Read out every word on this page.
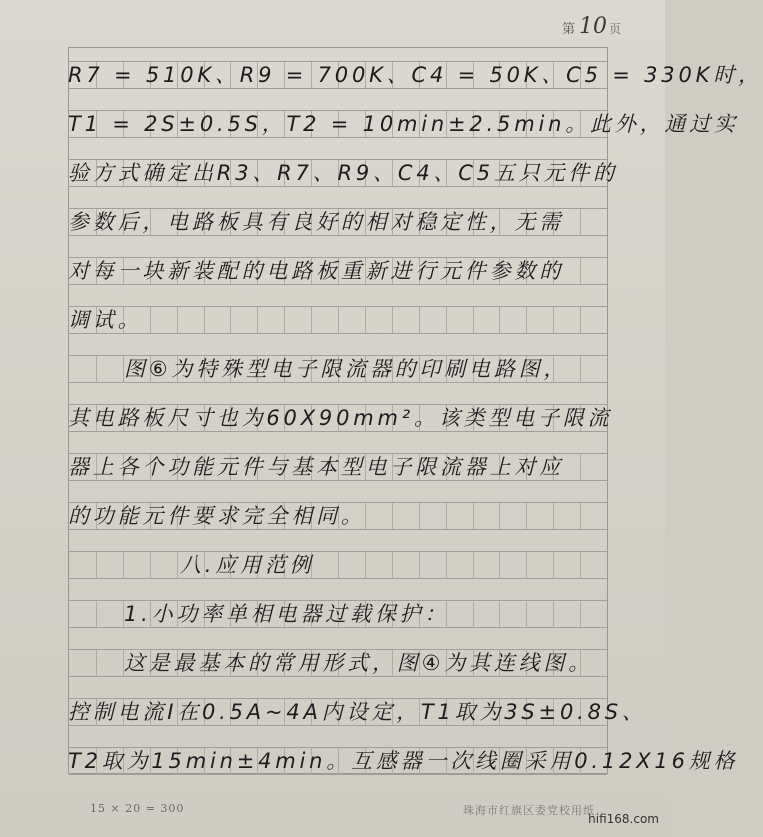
第 10 页
R7 = 510K、R9 = 700K、C4 = 50K、C5 = 330K时，
T1 = 2S±0.5S，T2 = 10min±2.5min。此外，通过实
验方式确定出R3、R7、R9、C4、C5五只元件的
参数后，电路板具有良好的相对稳定性，无需
对每一块新装配的电路板重新进行元件参数的
调试。
图⑥为特殊型电子限流器的印刷电路图，
其电路板尺寸也为60X90mm²。该类型电子限流
器上各个功能元件与基本型电子限流器上对应
的功能元件要求完全相同。
八.应用范例
1.小功率单相电器过载保护：
这是最基本的常用形式，图④为其连线图。
控制电流I在0.5A~4A内设定，T1取为3S±0.8S、
T2取为15min±4min。互感器一次线圈采用0.12X16规格
15 × 20 = 300	珠海市红旗区委党校用纸
hifi168.com
